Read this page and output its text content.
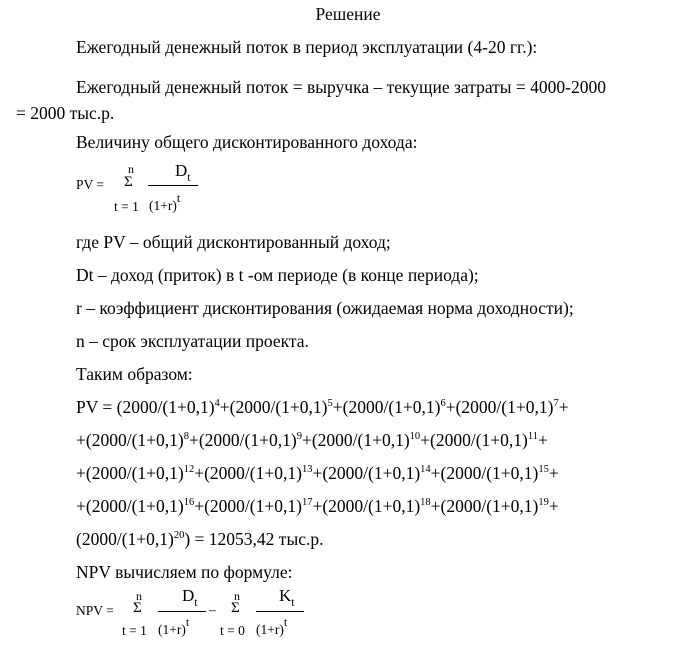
Решение
Ежегодный денежный поток в период эксплуатации (4-20 гг.):
Ежегодный денежный поток = выручка – текущие затраты = 4000-2000
= 2000 тыс.р.
Величину общего дисконтированного дохода:
PV =
n
Σ
t = 1
$D_t$
(1+r)t
где PV – общий дисконтированный доход;
Dt – доход (приток) в t -ом периоде (в конце периода);
r – коэффициент дисконтирования (ожидаемая норма доходности);
n – срок эксплуатации проекта.
Таким образом:
PV = ($2000/(1+0,1)^4+(2000/(1+0,1)^5+(2000/(1+0,1)^6+(2000/(1+0,1)^7+$
$+(2000/(1+0,1)^8+(2000/(1+0,1)^9+(2000/(1+0,1)^{10}+(2000/(1+0,1)^{11}+$
$+(2000/(1+0,1)^{12}+(2000/(1+0,1)^{13}+(2000/(1+0,1)^{14}+(2000/(1+0,1)^{15}+$
$+(2000/(1+0,1)^{16}+(2000/(1+0,1)^{17}+(2000/(1+0,1)^{18}+(2000/(1+0,1)^{19}+$
$(2000/(1+0,1)^{20}) = 12053,42$ тыс.р.
NPV вычисляем по формуле:
NPV =
n
Σ
t = 1
$D_t$
(1+r)t
–
n
Σ
t = 0
$K_t$
(1+r)t
